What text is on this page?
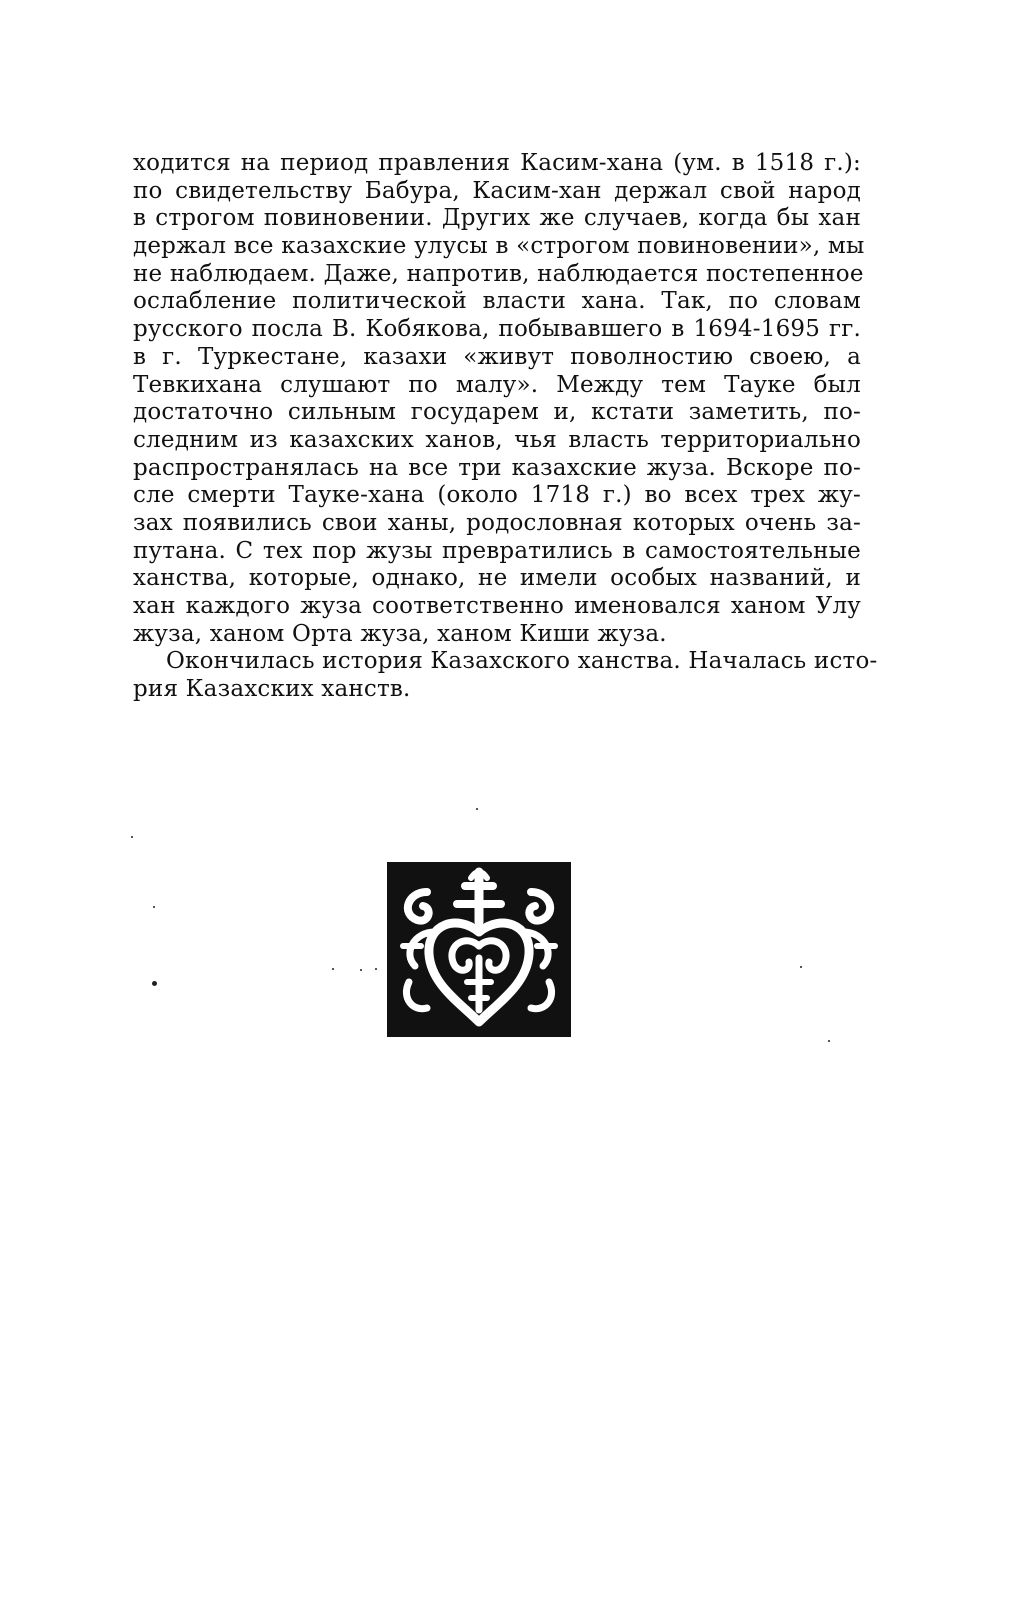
ходится на период правления Касим-хана (ум. в 1518 г.):
по свидетельству Бабура, Касим-хан держал свой народ
в строгом повиновении. Других же случаев, когда бы хан
держал все казахские улусы в «строгом повиновении», мы
не наблюдаем. Даже, напротив, наблюдается постепенное
ослабление политической власти хана. Так, по словам
русского посла В. Кобякова, побывавшего в 1694-1695 гг.
в г. Туркестане, казахи «живут поволностию своею, а
Тевкихана слушают по малу». Между тем Тауке был
достаточно сильным государем и, кстати заметить, по-
следним из казахских ханов, чья власть территориально
распространялась на все три казахские жуза. Вскоре по-
сле смерти Тауке-хана (около 1718 г.) во всех трех жу-
зах появились свои ханы, родословная которых очень за-
путана. С тех пор жузы превратились в самостоятельные
ханства, которые, однако, не имели особых названий, и
хан каждого жуза соответственно именовался ханом Улу
жуза, ханом Орта жуза, ханом Киши жуза.
Окончилась история Казахского ханства. Началась исто-
рия Казахских ханств.
